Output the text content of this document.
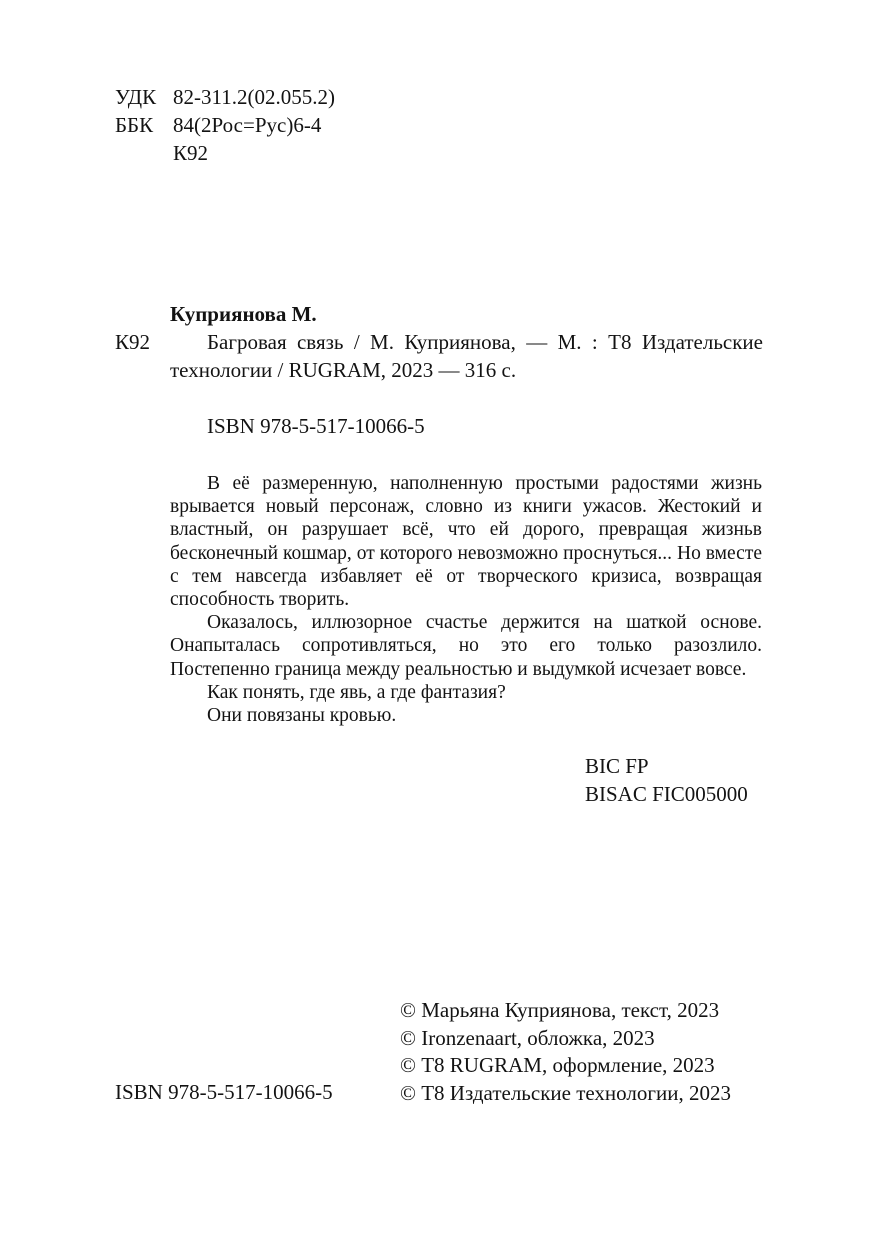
УДК 82-311.2(02.055.2)
ББК 84(2Рос=Рус)6-4
К92
Куприянова М.
К92	Багровая связь / М. Куприянова, — М. : Т8 Издательские технологии / RUGRAM, 2023 — 316 с.
ISBN 978-5-517-10066-5

В её размеренную, наполненную простыми радостями жизнь врывается новый персонаж, словно из книги ужасов. Жестокий и властный, он разрушает всё, что ей дорого, превращая жизньв бесконечный кошмар, от которого невозможно проснуться... Но вместе с тем навсегда избавляет её от творческого кризиса, возвращая способность творить.

Оказалось, иллюзорное счастье держится на шаткой основе. Онапыталась сопротивляться, но это его только разозлило. Постепенно граница между реальностью и выдумкой исчезает вовсе.

Как понять, где явь, а где фантазия?

Они повязаны кровью.

BIC FP
BISAC FIC005000
© Марьяна Куприянова, текст, 2023
© Ironzenaart, обложка, 2023
© Т8 RUGRAM, оформление, 2023
© Т8 Издательские технологии, 2023
ISBN 978-5-517-10066-5
